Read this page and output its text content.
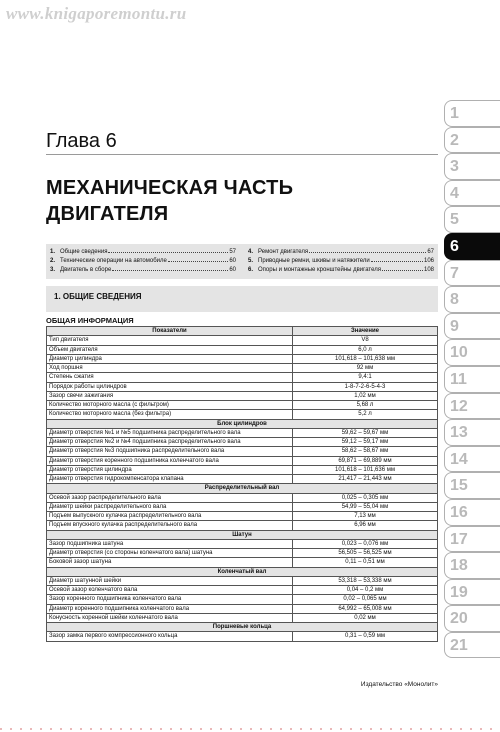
www.knigaporemontu.ru
Глава 6
МЕХАНИЧЕСКАЯ ЧАСТЬ
ДВИГАТЕЛЯ
1. Общие сведения	57
2. Технические операции на автомобиле	60
3. Двигатель в сборе	60
4. Ремонт двигателя	67
5. Приводные ремни, шкивы и натяжители	106
6. Опоры и монтажные кронштейны двигателя	108
1. ОБЩИЕ СВЕДЕНИЯ
ОБЩАЯ ИНФОРМАЦИЯ
Показатели	Значение
Тип двигателя	V8
Объем двигателя	6,0 л
Диаметр цилиндра	101,618 – 101,638 мм
Ход поршня	92 мм
Степень сжатия	9,4:1
Порядок работы цилиндров	1-8-7-2-6-5-4-3
Зазор свечи зажигания	1,02 мм
Количество моторного масла (с фильтром)	5,68 л
Количество моторного масла (без фильтра)	5,2 л
Блок цилиндров	
Диаметр отверстия №1 и №5 подшипника распределительного вала	59,62 – 59,67 мм
Диаметр отверстия №2 и №4 подшипника распределительного вала	59,12 – 59,17 мм
Диаметр отверстия №3 подшипника распределительного вала	58,62 – 58,67 мм
Диаметр отверстия коренного подшипника коленчатого вала	69,871 – 69,889 мм
Диаметр отверстия цилиндра	101,618 – 101,636 мм
Диаметр отверстия гидрокомпенсатора клапана	21,417 – 21,443 мм
Распределительный вал	
Осевой зазор распределительного вала	0,025 – 0,305 мм
Диаметр шейки распределительного вала	54,99 – 55,04 мм
Подъем выпускного кулачка распределительного вала	7,13 мм
Подъем впускного кулачка распределительного вала	6,96 мм
Шатун	
Зазор подшипника шатуна	0,023 – 0,076 мм
Диаметр отверстия (со стороны коленчатого вала) шатуна	56,505 – 56,525 мм
Боковой зазор шатуна	0,11 – 0,51 мм
Коленчатый вал	
Диаметр шатунной шейки	53,318 – 53,338 мм
Осевой зазор коленчатого вала	0,04 – 0,2 мм
Зазор коренного подшипника коленчатого вала	0,02 – 0,065 мм
Диаметр коренного подшипника коленчатого вала	64,992 – 65,008 мм
Конусность коренной шейки коленчатого вала	0,02 мм
Поршневые кольца	
Зазор замка первого компрессионного кольца	0,31 – 0,59 мм
Издательство «Монолит»
1
2
3
4
5
6
7
8
9
10
11
12
13
14
15
16
17
18
19
20
21
